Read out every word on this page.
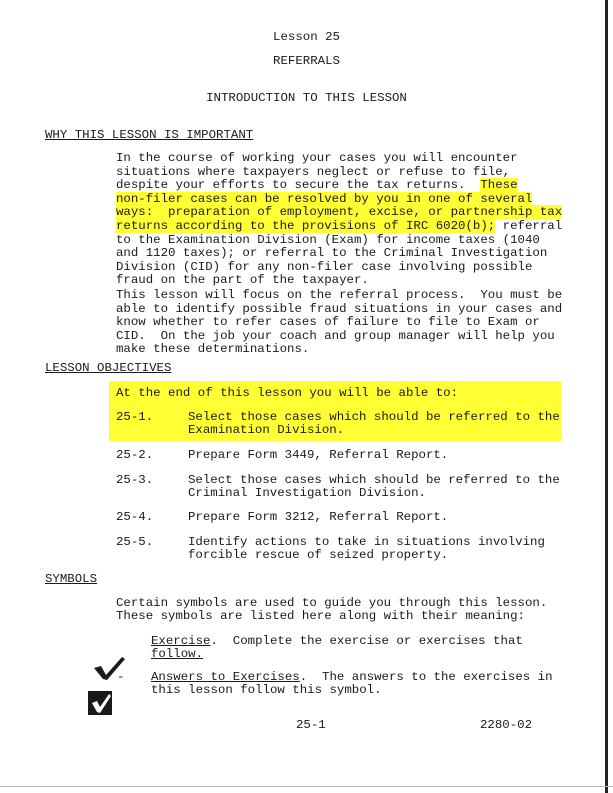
Lesson 25
REFERRALS
INTRODUCTION TO THIS LESSON
WHY THIS LESSON IS IMPORTANT
In the course of working your cases you will encounter
situations where taxpayers neglect or refuse to file,
despite your efforts to secure the tax returns.  These
non-filer cases can be resolved by you in one of several
ways:  preparation of employment, excise, or partnership tax
returns according to the provisions of IRC 6020(b); referral
to the Examination Division (Exam) for income taxes (1040
and 1120 taxes); or referral to the Criminal Investigation
Division (CID) for any non-filer case involving possible
fraud on the part of the taxpayer.
This lesson will focus on the referral process.  You must be
able to identify possible fraud situations in your cases and
know whether to refer cases of failure to file to Exam or
CID.  On the job your coach and group manager will help you
make these determinations.
LESSON OBJECTIVES
At the end of this lesson you will be able to:
25-1.	Select those cases which should be referred to the
Examination Division.
25-2.	Prepare Form 3449, Referral Report.
25-3.	Select those cases which should be referred to the
Criminal Investigation Division.
25-4.	Prepare Form 3212, Referral Report.
25-5.	Identify actions to take in situations involving
forcible rescue of seized property.
SYMBOLS
Certain symbols are used to guide you through this lesson.
These symbols are listed here along with their meaning:

Exercise.  Complete the exercise or exercises that
follow.

- Answers to Exercises.  The answers to the exercises in
this lesson follow this symbol.
25-1	2280-02
